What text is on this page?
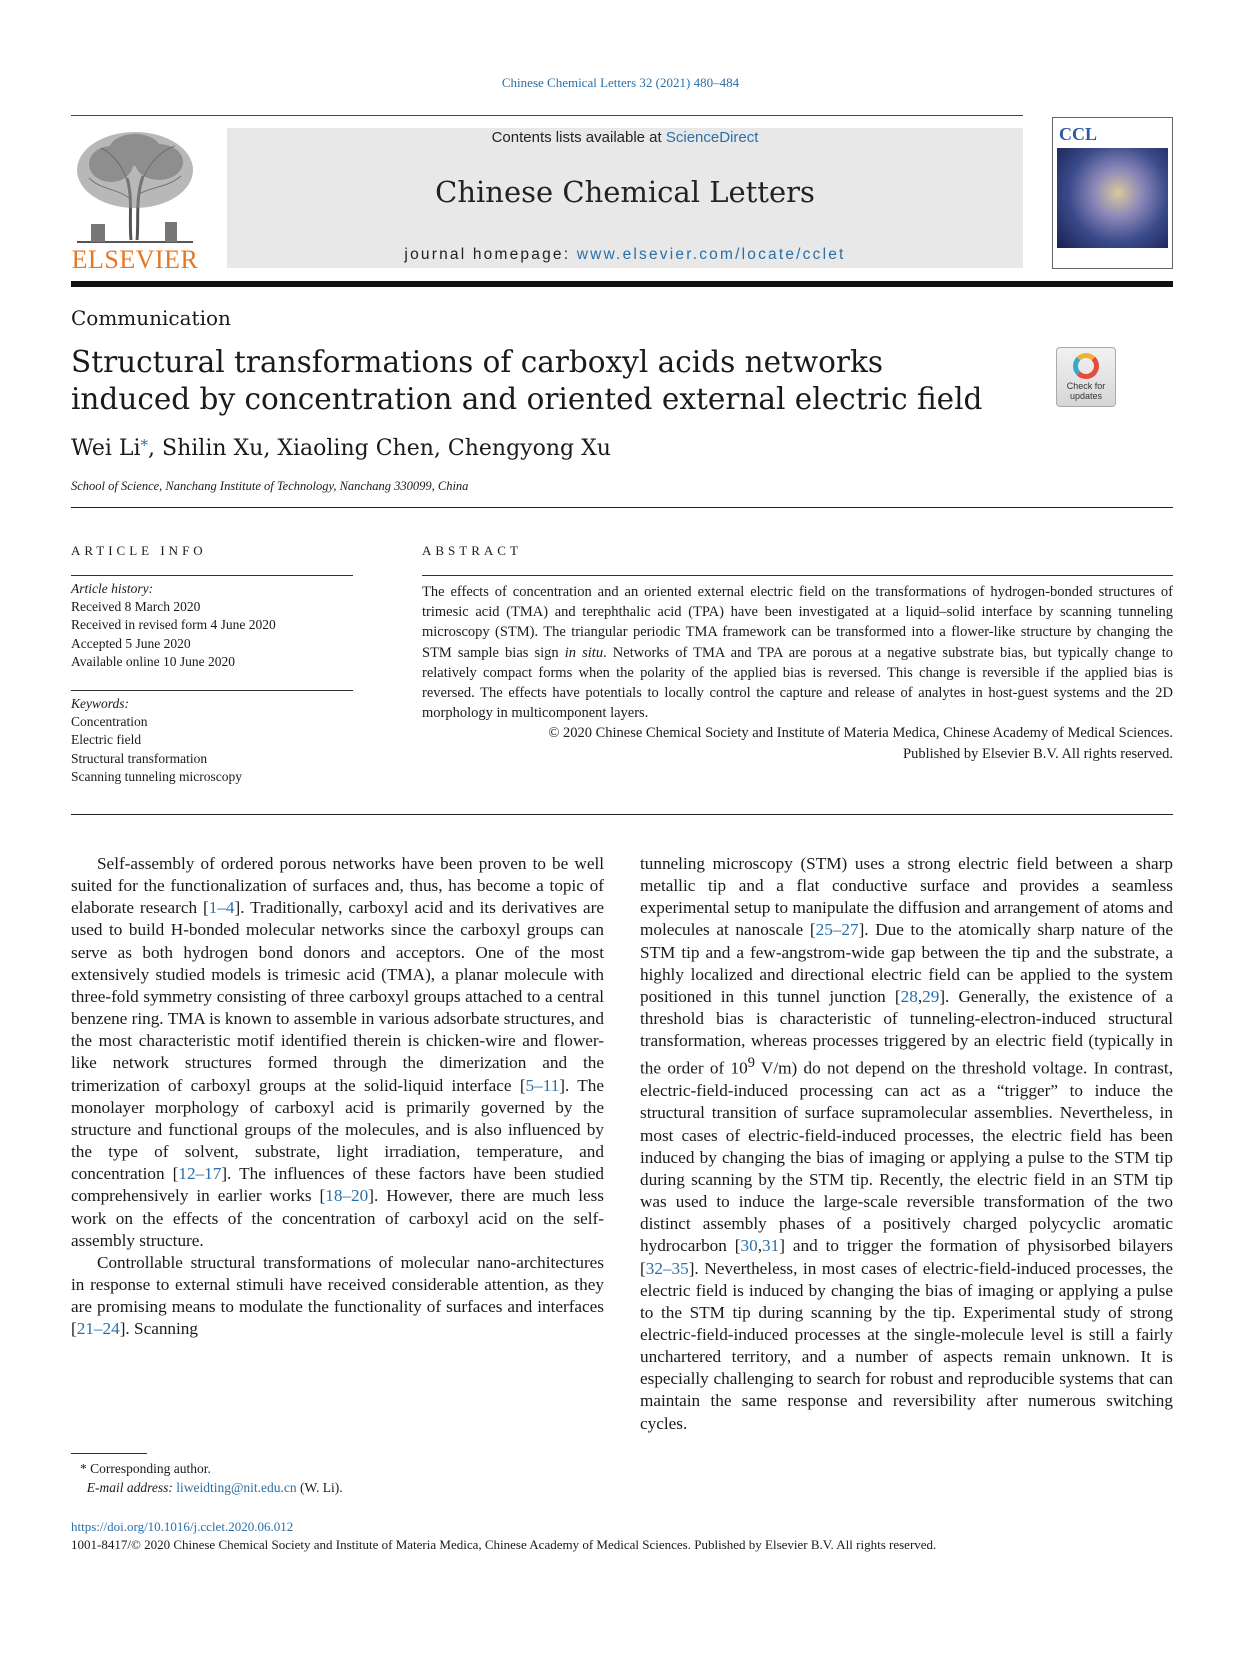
Chinese Chemical Letters 32 (2021) 480–484
ELSEVIER
Contents lists available at ScienceDirect
Chinese Chemical Letters
journal homepage: www.elsevier.com/locate/cclet
CCL
Communication
Structural transformations of carboxyl acids networks induced by concentration and oriented external electric field	Check for updates
Wei Li*, Shilin Xu, Xiaoling Chen, Chengyong Xu
School of Science, Nanchang Institute of Technology, Nanchang 330099, China
ARTICLE INFO	ABSTRACT
Article history:
Received 8 March 2020
Received in revised form 4 June 2020
Accepted 5 June 2020
Available online 10 June 2020
Keywords:
Concentration
Electric field
Structural transformation
Scanning tunneling microscopy
The effects of concentration and an oriented external electric field on the transformations of hydrogen-bonded structures of trimesic acid (TMA) and terephthalic acid (TPA) have been investigated at a liquid–solid interface by scanning tunneling microscopy (STM). The triangular periodic TMA framework can be transformed into a flower-like structure by changing the STM sample bias sign in situ. Networks of TMA and TPA are porous at a negative substrate bias, but typically change to relatively compact forms when the polarity of the applied bias is reversed. This change is reversible if the applied bias is reversed. The effects have potentials to locally control the capture and release of analytes in host-guest systems and the 2D morphology in multicomponent layers.
© 2020 Chinese Chemical Society and Institute of Materia Medica, Chinese Academy of Medical Sciences.
Published by Elsevier B.V. All rights reserved.

Self-assembly of ordered porous networks have been proven to be well suited for the functionalization of surfaces and, thus, has become a topic of elaborate research [1–4]. Traditionally, carboxyl acid and its derivatives are used to build H-bonded molecular networks since the carboxyl groups can serve as both hydrogen bond donors and acceptors. One of the most extensively studied models is trimesic acid (TMA), a planar molecule with three-fold symmetry consisting of three carboxyl groups attached to a central benzene ring. TMA is known to assemble in various adsorbate structures, and the most characteristic motif identified therein is chicken-wire and flower-like network structures formed through the dimerization and the trimerization of carboxyl groups at the solid-liquid interface [5–11]. The monolayer morphology of carboxyl acid is primarily governed by the structure and functional groups of the molecules, and is also influenced by the type of solvent, substrate, light irradiation, temperature, and concentration [12–17]. The influences of these factors have been studied comprehensively in earlier works [18–20]. However, there are much less work on the effects of the concentration of carboxyl acid on the self-assembly structure.

Controllable structural transformations of molecular nano-architectures in response to external stimuli have received considerable attention, as they are promising means to modulate the functionality of surfaces and interfaces [21–24]. Scanning

tunneling microscopy (STM) uses a strong electric field between a sharp metallic tip and a flat conductive surface and provides a seamless experimental setup to manipulate the diffusion and arrangement of atoms and molecules at nanoscale [25–27]. Due to the atomically sharp nature of the STM tip and a few-angstrom-wide gap between the tip and the substrate, a highly localized and directional electric field can be applied to the system positioned in this tunnel junction [28,29]. Generally, the existence of a threshold bias is characteristic of tunneling-electron-induced structural transformation, whereas processes triggered by an electric field (typically in the order of $10^9$ V/m) do not depend on the threshold voltage. In contrast, electric-field-induced processing can act as a “trigger” to induce the structural transition of surface supramolecular assemblies. Nevertheless, in most cases of electric-field-induced processes, the electric field has been induced by changing the bias of imaging or applying a pulse to the STM tip during scanning by the STM tip. Recently, the electric field in an STM tip was used to induce the large-scale reversible transformation of the two distinct assembly phases of a positively charged polycyclic aromatic hydrocarbon [30,31] and to trigger the formation of physisorbed bilayers [32–35]. Nevertheless, in most cases of electric-field-induced processes, the electric field is induced by changing the bias of imaging or applying a pulse to the STM tip during scanning by the tip. Experimental study of strong electric-field-induced processes at the single-molecule level is still a fairly unchartered territory, and a number of aspects remain unknown. It is especially challenging to search for robust and reproducible systems that can maintain the same response and reversibility after numerous switching cycles.

* Corresponding author.
E-mail address: liweidting@nit.edu.cn (W. Li).
https://doi.org/10.1016/j.cclet.2020.06.012
1001-8417/© 2020 Chinese Chemical Society and Institute of Materia Medica, Chinese Academy of Medical Sciences. Published by Elsevier B.V. All rights reserved.
